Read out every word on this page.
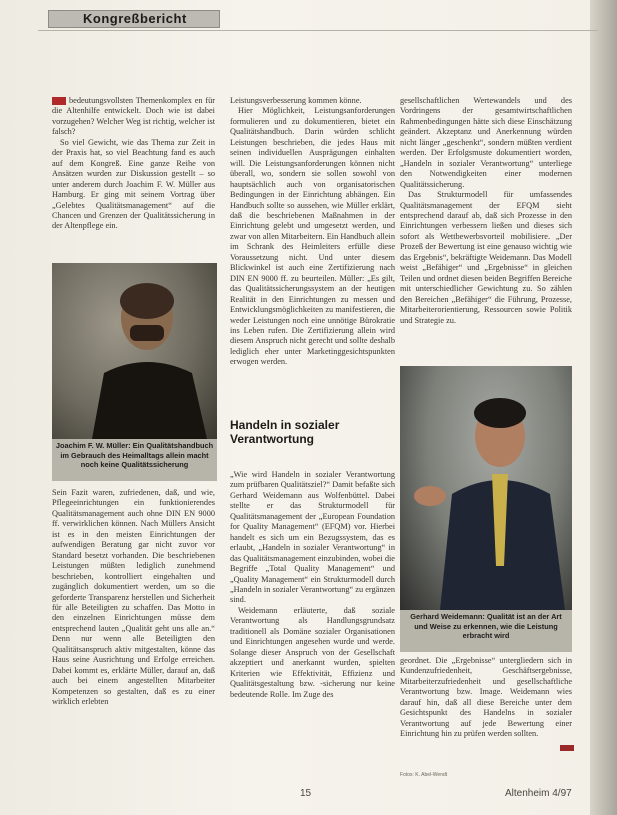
Kongreßbericht

bedeutungsvollsten Themenkomplex en für die Altenhilfe entwickelt. Doch wie ist dabei vorzugehen? Welcher Weg ist richtig, welcher ist falsch?

So viel Gewicht, wie das Thema zur Zeit in der Praxis hat, so viel Beachtung fand es auch auf dem Kongreß. Eine ganze Reihe von Ansätzen wurden zur Diskussion gestellt – so unter anderem durch Joachim F. W. Müller aus Hamburg. Er ging mit seinem Vortrag über „Gelebtes Qualitätsmanagement“ auf die Chancen und Grenzen der Qualitätssicherung in der Altenpflege ein.

Joachim F. W. Müller: Ein Qualitätshandbuch im Gebrauch des Heimalltags allein macht noch keine Qualitätssicherung

Sein Fazit waren, zufriedenen, daß, und wie, Pflegeeinrichtungen ein funktionierendes Qualitätsmanagement auch ohne DIN EN 9000 ff. verwirklichen können. Nach Müllers Ansicht ist es in den meisten Einrichtungen der aufwendigen Beratung gar nicht zuvor vor Standard besetzt vorhanden. Die beschriebenen Leistungen müßten lediglich zunehmend beschrieben, kontrolliert eingehalten und zugänglich dokumentiert werden, um so die geforderte Transparenz herstellen und Sicherheit für alle Beteiligten zu schaffen. Das Motto in den einzelnen Einrichtungen müsse dem entsprechend lauten „Qualität geht uns alle an.“ Denn nur wenn alle Beteiligten den Qualitätsanspruch aktiv mitgestalten, könne das Haus seine Ausrichtung und Erfolge erreichen. Dabei kommt es, erklärte Müller, darauf an, daß auch bei einem angestellten Mitarbeiter Kompetenzen so gestalten, daß es zu einer wirklich erlebten

Leistungsverbesserung kommen könne.

Hier Möglichkeit, Leistungsanforderungen formulieren und zu dokumentieren, bietet ein Qualitätshandbuch. Darin würden schlicht Leistungen beschrieben, die jedes Haus mit seinen individuellen Ausprägungen einhalten will. Die Leistungsanforderungen können nicht überall, wo, sondern sie sollen sowohl von hauptsächlich auch von organisatorischen Bedingungen in der Einrichtung abhängen. Ein Handbuch sollte so aussehen, wie Müller erklärt, daß die beschriebenen Maßnahmen in der Einrichtung gelebt und umgesetzt werden, und zwar von allen Mitarbeitern. Ein Handbuch allein im Schrank des Heimleiters erfülle diese Voraussetzung nicht. Und unter diesem Blickwinkel ist auch eine Zertifizierung nach DIN EN 9000 ff. zu beurteilen. Müller: „Es gilt, das Qualitätssicherungssystem an der heutigen Realität in den Einrichtungen zu messen und Entwicklungsmöglichkeiten zu manifestieren, die weder Leistungen noch eine unnötige Bürokratie ins Leben rufen. Die Zertifizierung allein wird diesem Anspruch nicht gerecht und sollte deshalb lediglich eher unter Marketinggesichtspunkten erwogen werden.

Handeln in sozialer Verantwortung

„Wie wird Handeln in sozialer Verantwortung zum prüfbaren Qualitätsziel?“ Damit befaßte sich Gerhard Weidemann aus Wolfenbüttel. Dabei stellte er das Strukturmodell für Qualitätsmanagement der „European Foundation for Quality Management“ (EFQM) vor. Hierbei handelt es sich um ein Bezugssystem, das es erlaubt, „Handeln in sozialer Verantwortung“ in das Qualitätsmanagement einzubinden, wobei die Begriffe „Total Quality Management“ und „Quality Management“ ein Strukturmodell durch „Handeln in sozialer Verantwortung“ zu ergänzen sind.

Weidemann erläuterte, daß soziale Verantwortung als Handlungsgrundsatz traditionell als Domäne sozialer Organisationen und Einrichtungen angesehen wurde und werde. Solange dieser Anspruch von der Gesellschaft akzeptiert und anerkannt wurden, spielten Kriterien wie Effektivität, Effizienz und Qualitätsgestaltung bzw. -sicherung nur keine bedeutende Rolle. Im Zuge des

gesellschaftlichen Wertewandels und des Vordringens der gesamtwirtschaftlichen Rahmenbedingungen hätte sich diese Einschätzung geändert. Akzeptanz und Anerkennung würden nicht länger „geschenkt“, sondern müßten verdient werden. Der Erfolgsmuste dokumentiert worden, „Handeln in sozialer Verantwortung“ unterliege den Notwendigkeiten einer modernen Qualitätssicherung.

Das Strukturmodell für umfassendes Qualitätsmanagement der EFQM sieht entsprechend darauf ab, daß sich Prozesse in den Einrichtungen verbessern ließen und dieses sich sofort als Wettbewerbsvorteil mobilisiere. „Der Prozeß der Bewertung ist eine genauso wichtig wie das Ergebnis“, bekräftigte Weidemann. Das Modell weist „Befähiger“ und „Ergebnisse“ in gleichen Teilen und ordnet diesen beiden Begriffen Bereiche mit unterschiedlicher Gewichtung zu. So zählen den Bereichen „Befähiger“ die Führung, Prozesse, Mitarbeiterorientierung, Ressourcen sowie Politik und Strategie zu.

Gerhard Weidemann: Qualität ist an der Art und Weise zu erkennen, wie die Leistung erbracht wird

geordnet. Die „Ergebnisse“ untergliedern sich in Kundenzufriedenheit, Geschäftsergebnisse, Mitarbeiterzufriedenheit und gesellschaftliche Verantwortung bzw. Image. Weidemann wies darauf hin, daß all diese Bereiche unter dem Gesichtspunkt des Handelns in sozialer Verantwortung auf jede Bewertung einer Einrichtung hin zu prüfen werden sollten.

Fotos: K. Abel-Wendt
15	Altenheim 4/97
